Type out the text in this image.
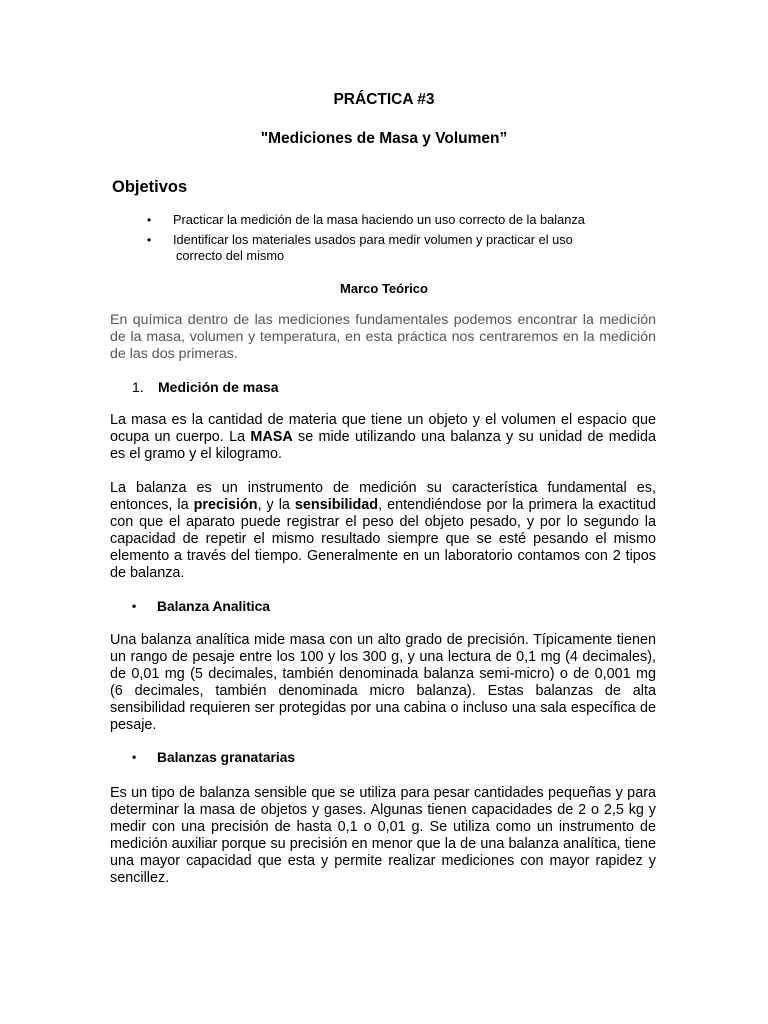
PRÁCTICA #3
"Mediciones de Masa y Volumen”
Objetivos
• Practicar la medición de la masa haciendo un uso correcto de la balanza
• Identificar los materiales usados para medir volumen y practicar el uso
correcto del mismo
Marco Teórico
En química dentro de las mediciones fundamentales podemos encontrar la medición de la masa, volumen y temperatura, en esta práctica nos centraremos en la medición de las dos primeras.
1. Medición de masa
La masa es la cantidad de materia que tiene un objeto y el volumen el espacio que ocupa un cuerpo. La MASA se mide utilizando una balanza y su unidad de medida es el gramo y el kilogramo.
La balanza es un instrumento de medición su característica fundamental es, entonces, la precisión, y la sensibilidad, entendiéndose por la primera la exactitud con que el aparato puede registrar el peso del objeto pesado, y por lo segundo la capacidad de repetir el mismo resultado siempre que se esté pesando el mismo elemento a través del tiempo. Generalmente en un laboratorio contamos con 2 tipos de balanza.
• Balanza Analitica
Una balanza analítica mide masa con un alto grado de precisión. Típicamente tienen un rango de pesaje entre los 100 y los 300 g, y una lectura de 0,1 mg (4 decimales), de 0,01 mg (5 decimales, también denominada balanza semi-micro) o de 0,001 mg (6 decimales, también denominada micro balanza). Estas balanzas de alta sensibilidad requieren ser protegidas por una cabina o incluso una sala específica de pesaje.
• Balanzas granatarias
Es un tipo de balanza sensible que se utiliza para pesar cantidades pequeñas y para determinar la masa de objetos y gases. Algunas tienen capacidades de 2 o 2,5 kg y medir con una precisión de hasta 0,1 o 0,01 g. Se utiliza como un instrumento de medición auxiliar porque su precisión en menor que la de una balanza analítica, tiene una mayor capacidad que esta y permite realizar mediciones con mayor rapidez y sencillez.
